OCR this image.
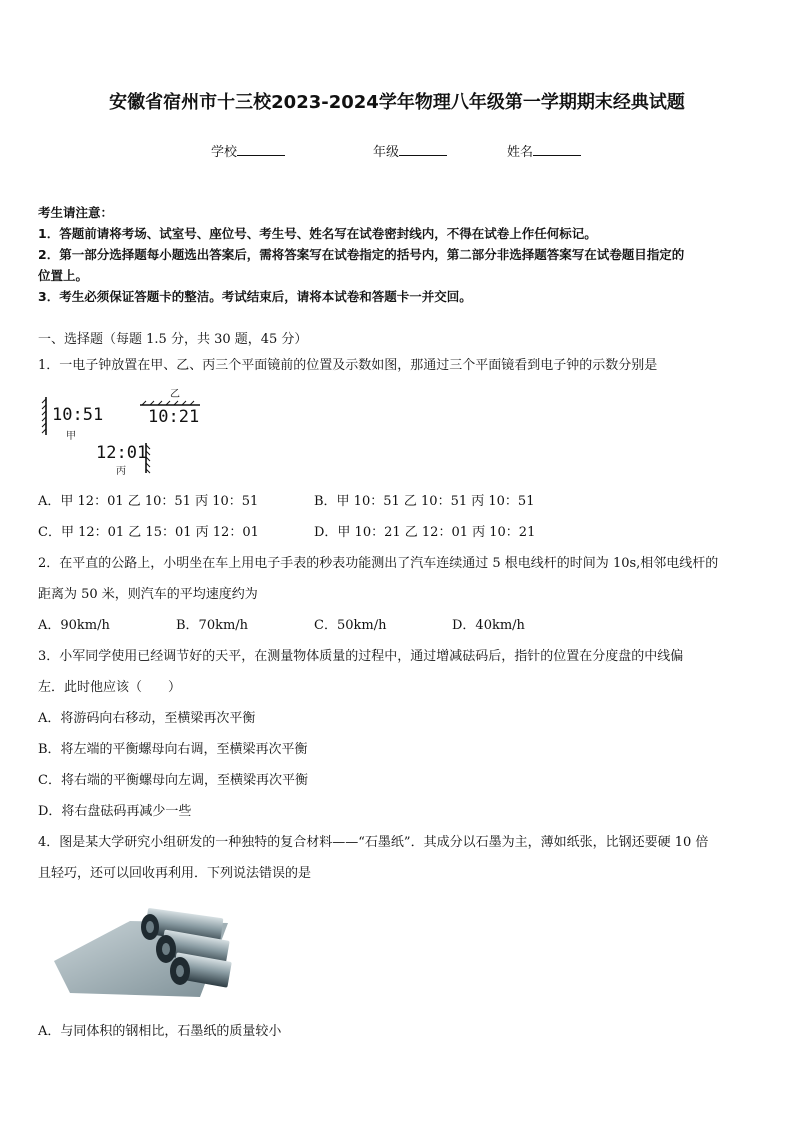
安徽省宿州市十三校2023-2024学年物理八年级第一学期期末经典试题
学校	年级	姓名
考生请注意：
1．答题前请将考场、试室号、座位号、考生号、姓名写在试卷密封线内，不得在试卷上作任何标记。
2．第一部分选择题每小题选出答案后，需将答案写在试卷指定的括号内，第二部分非选择题答案写在试卷题目指定的
位置上。
3．考生必须保证答题卡的整洁。考试结束后，请将本试卷和答题卡一并交回。
一、选择题（每题 1.5 分，共 30 题，45 分）
1．一电子钟放置在甲、乙、丙三个平面镜前的位置及示数如图，那通过三个平面镜看到电子钟的示数分别是
10:51
甲
乙
10:21
12:01
丙
A．甲 12：01 乙 10：51 丙 10：51	B．甲 10：51 乙 10：51 丙 10：51
C．甲 12：01 乙 15：01 丙 12：01	D．甲 10：21 乙 12：01 丙 10：21
2．在平直的公路上，小明坐在车上用电子手表的秒表功能测出了汽车连续通过 5 根电线杆的时间为 10s,相邻电线杆的
距离为 50 米，则汽车的平均速度约为
A．90km/h	B．70km/h	C．50km/h	D．40km/h
3．小军同学使用已经调节好的天平，在测量物体质量的过程中，通过增减砝码后，指针的位置在分度盘的中线偏
左．此时他应该（　　）
A．将游码向右移动，至横梁再次平衡
B．将左端的平衡螺母向右调，至横梁再次平衡
C．将右端的平衡螺母向左调，至横梁再次平衡
D．将右盘砝码再减少一些
4．图是某大学研究小组研发的一种独特的复合材料——“石墨纸”．其成分以石墨为主，薄如纸张，比钢还要硬 10 倍
且轻巧，还可以回收再利用．下列说法错误的是
A．与同体积的钢相比，石墨纸的质量较小
